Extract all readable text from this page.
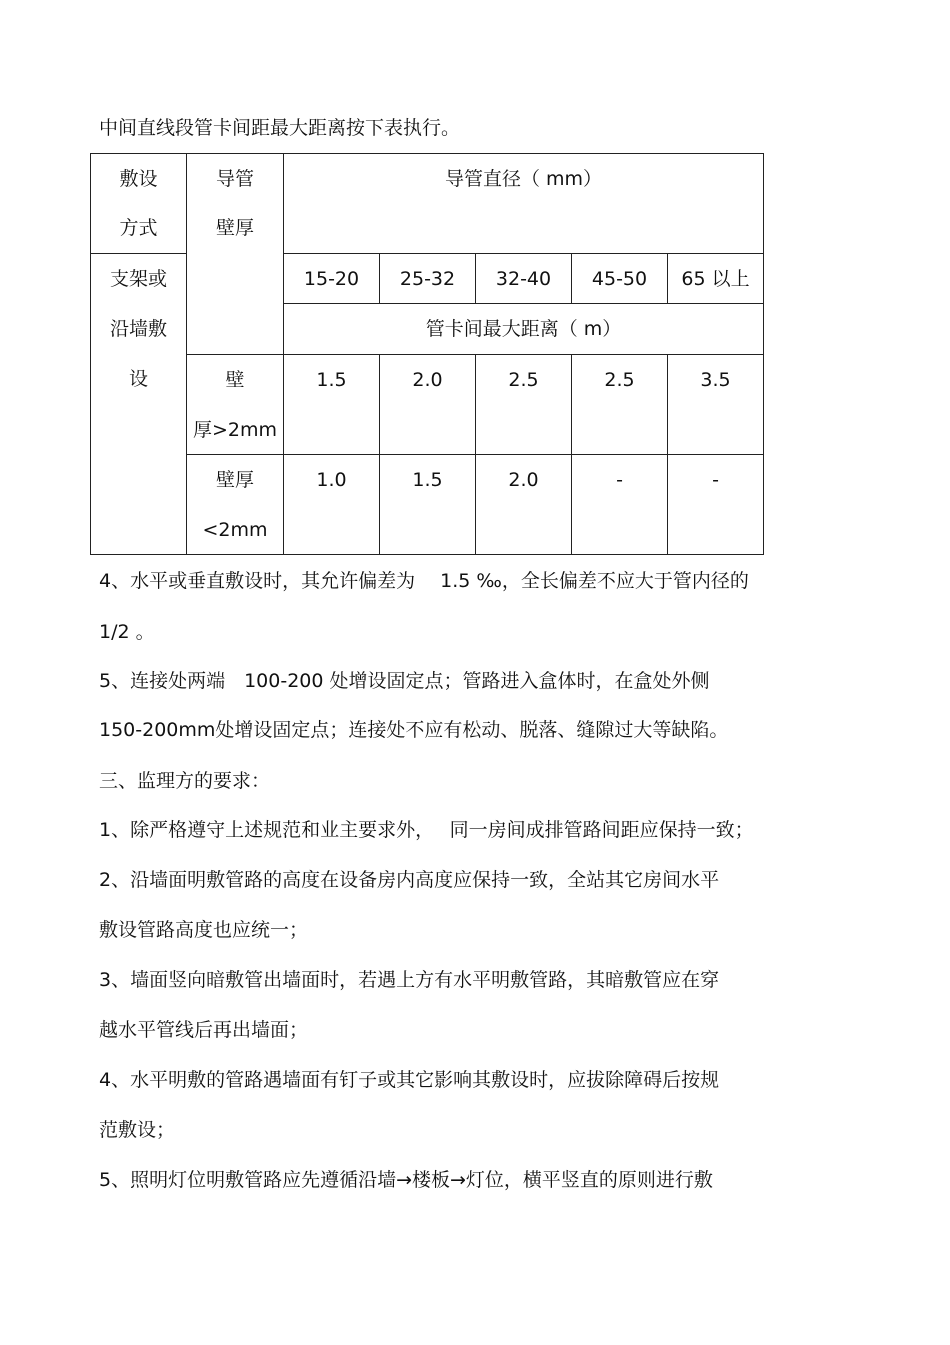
中间直线段管卡间距最大距离按下表执行。
敷设
方式	导管
壁厚	导管直径（ mm）				

支架或
沿墙敷
设		15-20	25-32	32-40	45-50	65 以上

		管卡间最大距离（ m）				

	壁
厚>2mm	1.5	2.0	2.5	2.5	3.5

	壁厚
<2mm	1.0	1.5	2.0	-	-
4、水平或垂直敷设时，其允许偏差为　 1.5 ‰，全长偏差不应大于管内径的
1/2 。
5、连接处两端　100-200 处增设固定点；管路进入盒体时，在盒处外侧
150-200mm处增设固定点；连接处不应有松动、脱落、缝隙过大等缺陷。
三、监理方的要求：
1、除严格遵守上述规范和业主要求外，　 同一房间成排管路间距应保持一致；
2、沿墙面明敷管路的高度在设备房内高度应保持一致，全站其它房间水平
敷设管路高度也应统一；
3、墙面竖向暗敷管出墙面时，若遇上方有水平明敷管路，其暗敷管应在穿
越水平管线后再出墙面；
4、水平明敷的管路遇墙面有钉子或其它影响其敷设时，应拔除障碍后按规
范敷设；
5、照明灯位明敷管路应先遵循沿墙→楼板→灯位，横平竖直的原则进行敷
